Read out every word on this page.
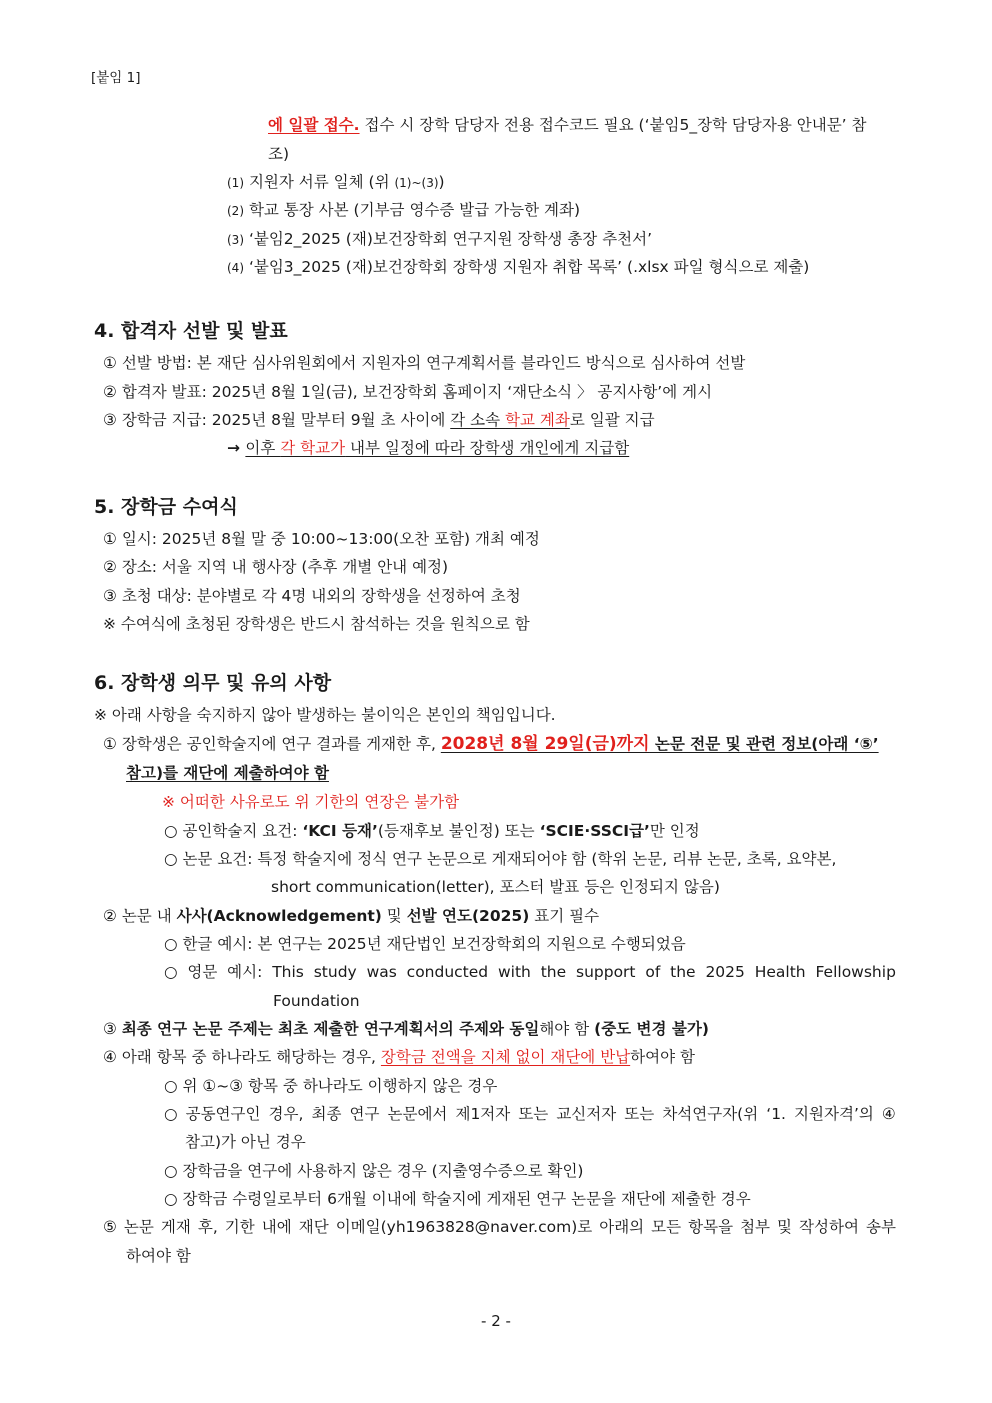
[붙임 1]
에 일괄 접수. 접수 시 장학 담당자 전용 접수코드 필요 (‘붙임5_장학 담당자용 안내문’ 참
조)
(1) 지원자 서류 일체 (위 (1)~(3))
(2) 학교 통장 사본 (기부금 영수증 발급 가능한 계좌)
(3) ‘붙임2_2025 (재)보건장학회 연구지원 장학생 총장 추천서’
(4) ‘붙임3_2025 (재)보건장학회 장학생 지원자 취합 목록’ (.xlsx 파일 형식으로 제출)
4. 합격자 선발 및 발표
① 선발 방법: 본 재단 심사위원회에서 지원자의 연구계획서를 블라인드 방식으로 심사하여 선발
② 합격자 발표: 2025년 8월 1일(금), 보건장학회 홈페이지 ‘재단소식 〉 공지사항’에 게시
③ 장학금 지급: 2025년 8월 말부터 9월 초 사이에 각 소속 학교 계좌로 일괄 지급
→ 이후 각 학교가 내부 일정에 따라 장학생 개인에게 지급함
5. 장학금 수여식
① 일시: 2025년 8월 말 중 10:00~13:00(오찬 포함) 개최 예정
② 장소: 서울 지역 내 행사장 (추후 개별 안내 예정)
③ 초청 대상: 분야별로 각 4명 내외의 장학생을 선정하여 초청
※ 수여식에 초청된 장학생은 반드시 참석하는 것을 원칙으로 함
6. 장학생 의무 및 유의 사항
※ 아래 사항을 숙지하지 않아 발생하는 불이익은 본인의 책임입니다.
① 장학생은 공인학술지에 연구 결과를 게재한 후, 2028년 8월 29일(금)까지 논문 전문 및 관련 정보(아래 ‘⑤’
참고)를 재단에 제출하여야 함
※ 어떠한 사유로도 위 기한의 연장은 불가함
○ 공인학술지 요건: ‘KCI 등재’(등재후보 불인정) 또는 ‘SCIE·SSCI급’만 인정
○ 논문 요건: 특정 학술지에 정식 연구 논문으로 게재되어야 함 (학위 논문, 리뷰 논문, 초록, 요약본,
short communication(letter), 포스터 발표 등은 인정되지 않음)
② 논문 내 사사(Acknowledgement) 및 선발 연도(2025) 표기 필수
○ 한글 예시: 본 연구는 2025년 재단법인 보건장학회의 지원으로 수행되었음
○ 영문 예시: This study was conducted with the support of the 2025 Health Fellowship
Foundation
③ 최종 연구 논문 주제는 최초 제출한 연구계획서의 주제와 동일해야 함 (중도 변경 불가)
④ 아래 항목 중 하나라도 해당하는 경우, 장학금 전액을 지체 없이 재단에 반납하여야 함
○ 위 ①~③ 항목 중 하나라도 이행하지 않은 경우
○ 공동연구인 경우, 최종 연구 논문에서 제1저자 또는 교신저자 또는 차석연구자(위 ‘1. 지원자격’의 ④
참고)가 아닌 경우
○ 장학금을 연구에 사용하지 않은 경우 (지출영수증으로 확인)
○ 장학금 수령일로부터 6개월 이내에 학술지에 게재된 연구 논문을 재단에 제출한 경우
⑤ 논문 게재 후, 기한 내에 재단 이메일(yh1963828@naver.com)로 아래의 모든 항목을 첨부 및 작성하여 송부
하여야 함
- 2 -
